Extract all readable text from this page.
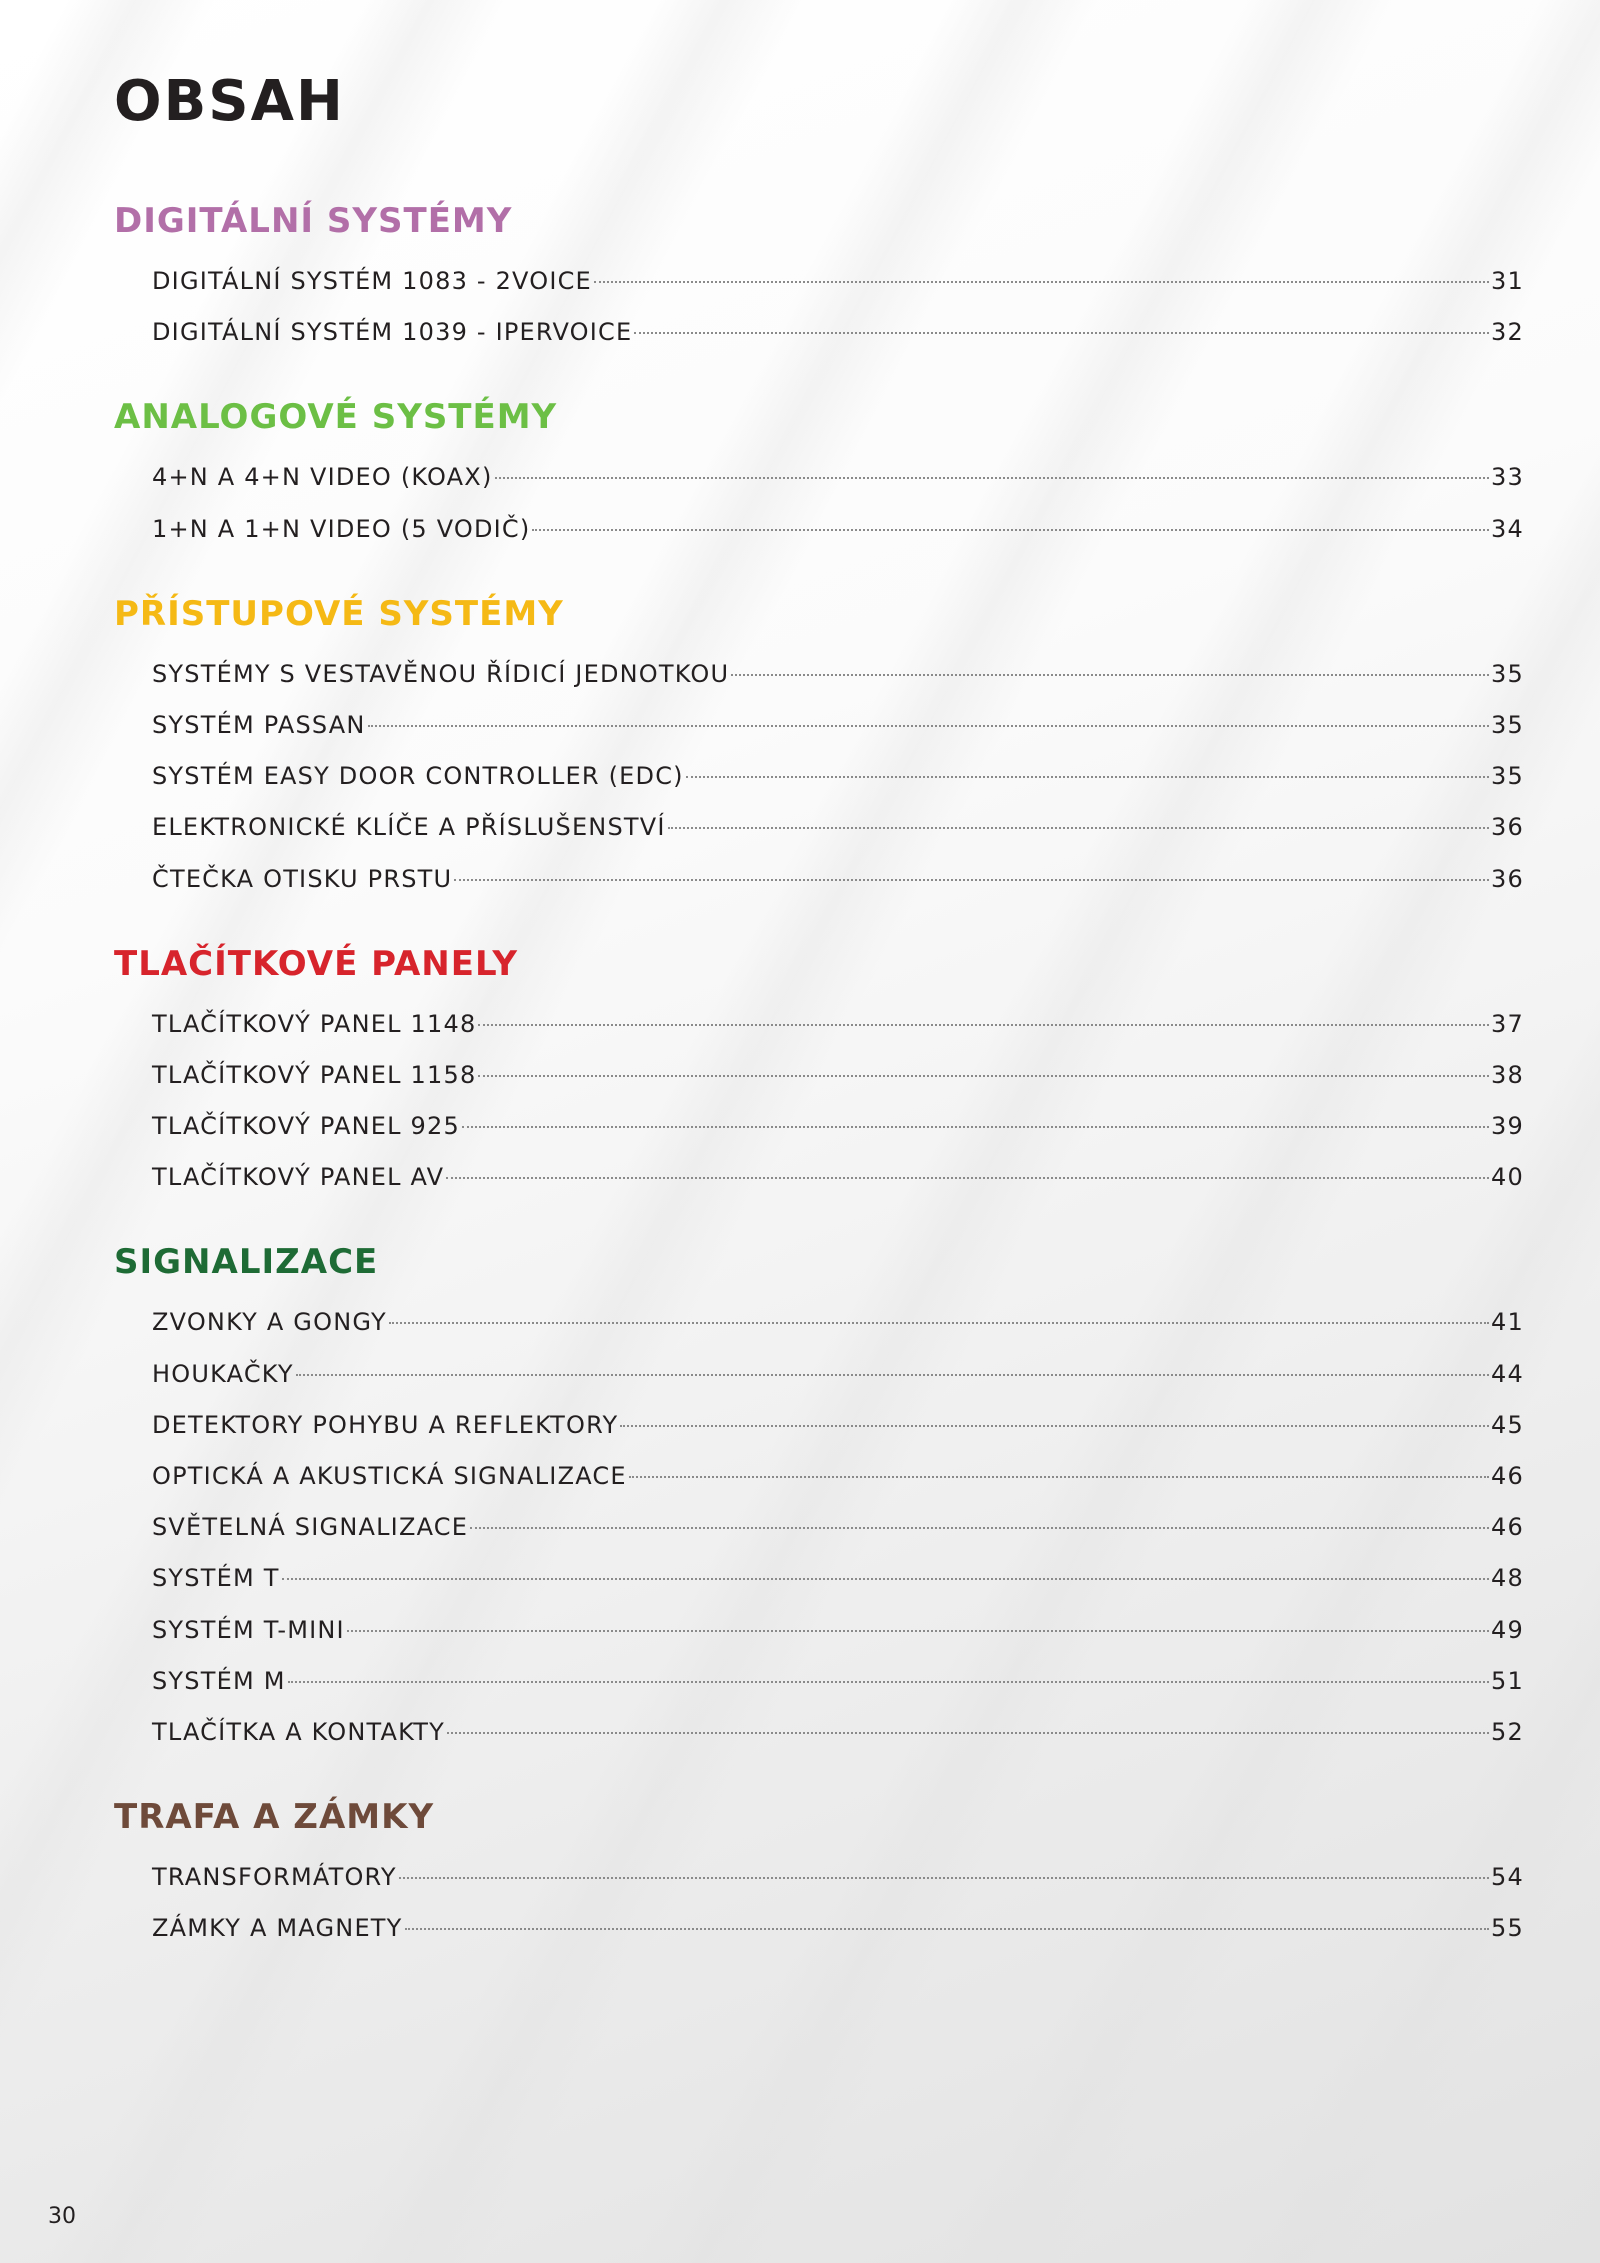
OBSAH
DIGITÁLNÍ SYSTÉMY
DIGITÁLNÍ SYSTÉM 1083 - 2VOICE	31
DIGITÁLNÍ SYSTÉM 1039 - IPERVOICE	32
ANALOGOVÉ SYSTÉMY
4+N A 4+N VIDEO (KOAX)	33
1+N A 1+N VIDEO (5 VODIČ)	34
PŘÍSTUPOVÉ SYSTÉMY
SYSTÉMY S VESTAVĚNOU ŘÍDICÍ JEDNOTKOU	35
SYSTÉM PASSAN	35
SYSTÉM EASY DOOR CONTROLLER (EDC)	35
ELEKTRONICKÉ KLÍČE A PŘÍSLUŠENSTVÍ	36
ČTEČKA OTISKU PRSTU	36
TLAČÍTKOVÉ PANELY
TLAČÍTKOVÝ PANEL 1148	37
TLAČÍTKOVÝ PANEL 1158	38
TLAČÍTKOVÝ PANEL 925	39
TLAČÍTKOVÝ PANEL AV	40
SIGNALIZACE
ZVONKY A GONGY	41
HOUKAČKY	44
DETEKTORY POHYBU A REFLEKTORY	45
OPTICKÁ A AKUSTICKÁ SIGNALIZACE	46
SVĚTELNÁ SIGNALIZACE	46
SYSTÉM T	48
SYSTÉM T-MINI	49
SYSTÉM M	51
TLAČÍTKA A KONTAKTY	52
TRAFA A ZÁMKY
TRANSFORMÁTORY	54
ZÁMKY A MAGNETY	55
30
